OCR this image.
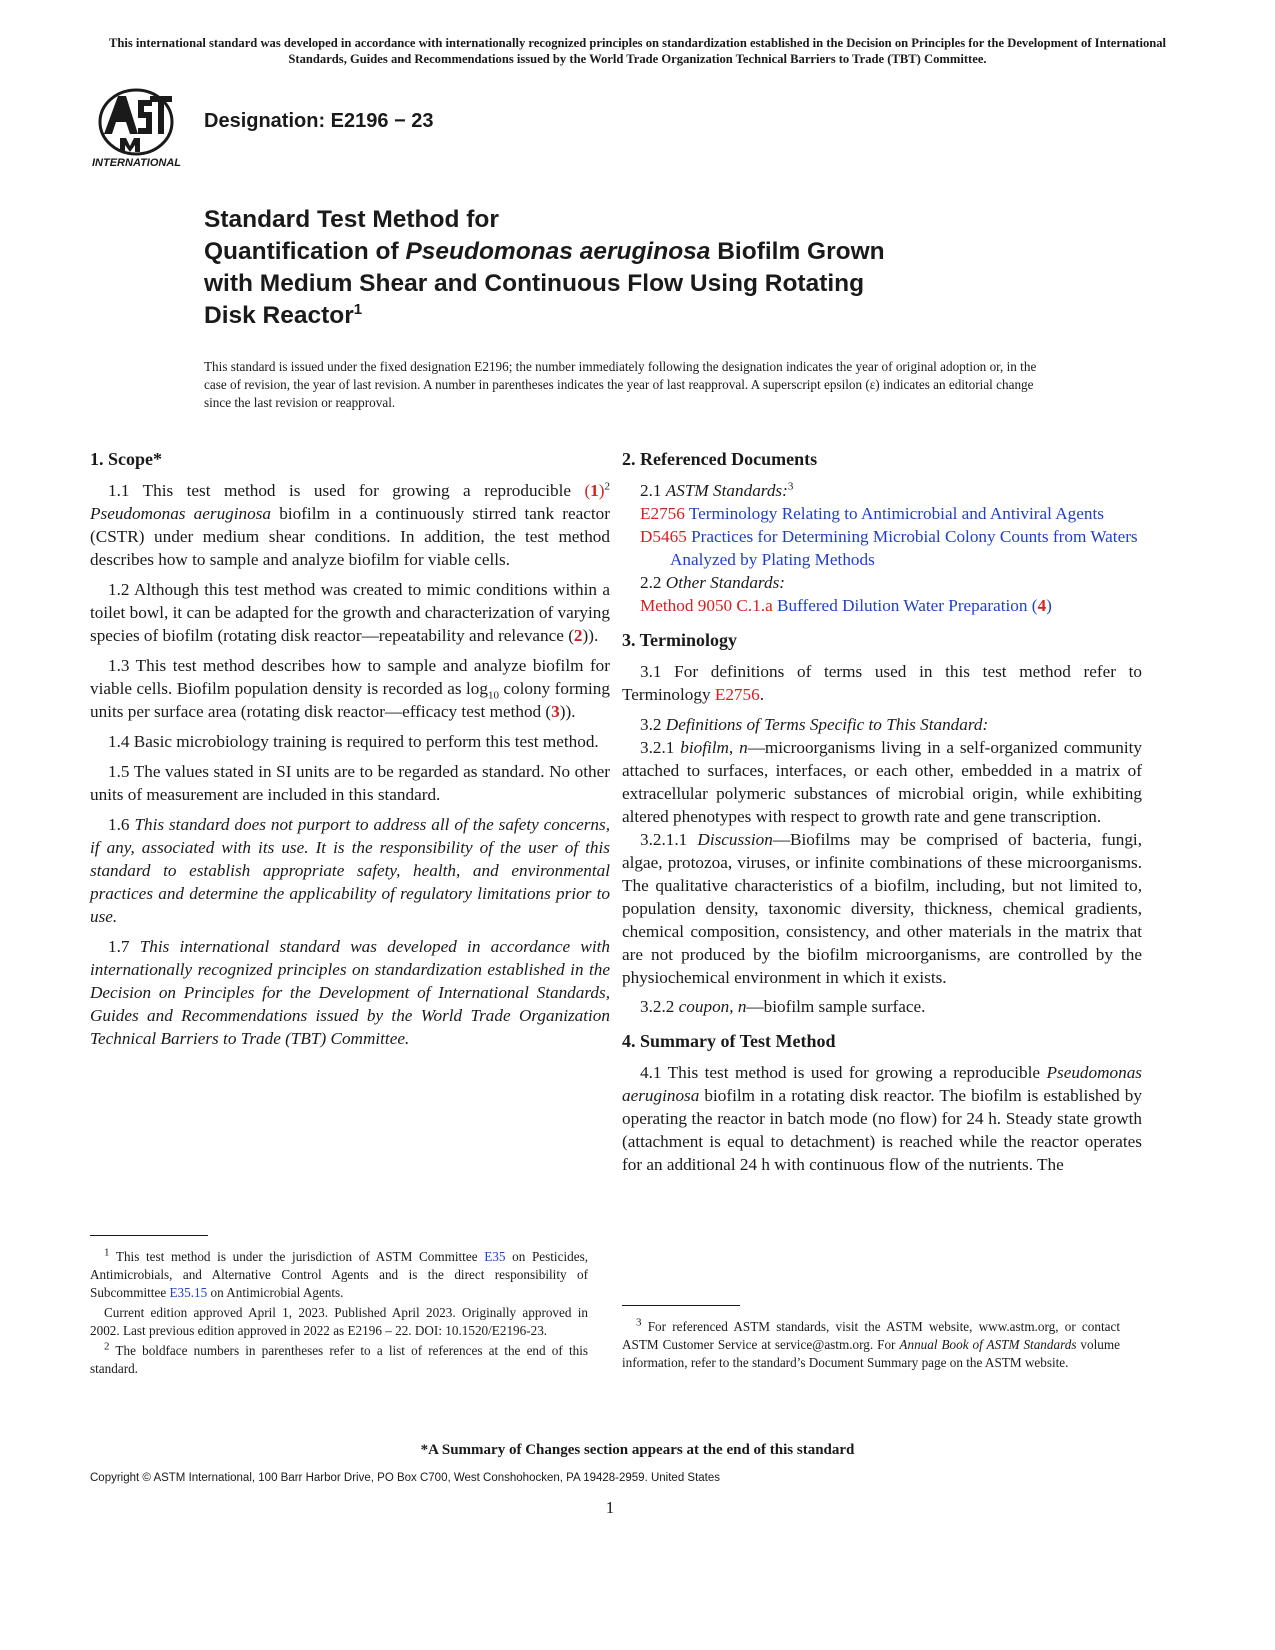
This international standard was developed in accordance with internationally recognized principles on standardization established in the Decision on Principles for the Development of International Standards, Guides and Recommendations issued by the World Trade Organization Technical Barriers to Trade (TBT) Committee.
INTERNATIONAL
Designation: E2196 − 23
Standard Test Method for
Quantification of Pseudomonas aeruginosa Biofilm Grown
with Medium Shear and Continuous Flow Using Rotating
Disk Reactor$^1$
This standard is issued under the fixed designation E2196; the number immediately following the designation indicates the year of original adoption or, in the case of revision, the year of last revision. A number in parentheses indicates the year of last reapproval. A superscript epsilon (ε) indicates an editorial change since the last revision or reapproval.
1. Scope*
1.1 This test method is used for growing a reproducible $(1)^2$ Pseudomonas aeruginosa biofilm in a continuously stirred tank reactor (CSTR) under medium shear conditions. In addition, the test method describes how to sample and analyze biofilm for viable cells.
1.2 Although this test method was created to mimic conditions within a toilet bowl, it can be adapted for the growth and characterization of varying species of biofilm (rotating disk reactor—repeatability and relevance (2)).
1.3 This test method describes how to sample and analyze biofilm for viable cells. Biofilm population density is recorded as $\log_{10}$ colony forming units per surface area (rotating disk reactor—efficacy test method (3)).
1.4 Basic microbiology training is required to perform this test method.
1.5 The values stated in SI units are to be regarded as standard. No other units of measurement are included in this standard.
1.6 This standard does not purport to address all of the safety concerns, if any, associated with its use. It is the responsibility of the user of this standard to establish appropriate safety, health, and environmental practices and determine the applicability of regulatory limitations prior to use.
1.7 This international standard was developed in accordance with internationally recognized principles on standardization established in the Decision on Principles for the Development of International Standards, Guides and Recommendations issued by the World Trade Organization Technical Barriers to Trade (TBT) Committee.
2. Referenced Documents
2.1 ASTM Standards:$^3$
E2756 Terminology Relating to Antimicrobial and Antiviral Agents
D5465 Practices for Determining Microbial Colony Counts from Waters Analyzed by Plating Methods
2.2 Other Standards:
Method 9050 C.1.a Buffered Dilution Water Preparation (4)
3. Terminology
3.1 For definitions of terms used in this test method refer to Terminology E2756.
3.2 Definitions of Terms Specific to This Standard:
3.2.1 biofilm, n—microorganisms living in a self-organized community attached to surfaces, interfaces, or each other, embedded in a matrix of extracellular polymeric substances of microbial origin, while exhibiting altered phenotypes with respect to growth rate and gene transcription.
3.2.1.1 Discussion—Biofilms may be comprised of bacteria, fungi, algae, protozoa, viruses, or infinite combinations of these microorganisms. The qualitative characteristics of a biofilm, including, but not limited to, population density, taxonomic diversity, thickness, chemical gradients, chemical composition, consistency, and other materials in the matrix that are not produced by the biofilm microorganisms, are controlled by the physiochemical environment in which it exists.
3.2.2 coupon, n—biofilm sample surface.
4. Summary of Test Method
4.1 This test method is used for growing a reproducible Pseudomonas aeruginosa biofilm in a rotating disk reactor. The biofilm is established by operating the reactor in batch mode (no flow) for 24 h. Steady state growth (attachment is equal to detachment) is reached while the reactor operates for an additional 24 h with continuous flow of the nutrients. The

$^1$ This test method is under the jurisdiction of ASTM Committee E35 on Pesticides, Antimicrobials, and Alternative Control Agents and is the direct responsibility of Subcommittee E35.15 on Antimicrobial Agents.

Current edition approved April 1, 2023. Published April 2023. Originally approved in 2002. Last previous edition approved in 2022 as E2196 – 22. DOI: 10.1520/E2196-23.

$^2$ The boldface numbers in parentheses refer to a list of references at the end of this standard.

$^3$ For referenced ASTM standards, visit the ASTM website, www.astm.org, or contact ASTM Customer Service at service@astm.org. For Annual Book of ASTM Standards volume information, refer to the standard’s Document Summary page on the ASTM website.

*A Summary of Changes section appears at the end of this standard
Copyright © ASTM International, 100 Barr Harbor Drive, PO Box C700, West Conshohocken, PA 19428-2959. United States
1
